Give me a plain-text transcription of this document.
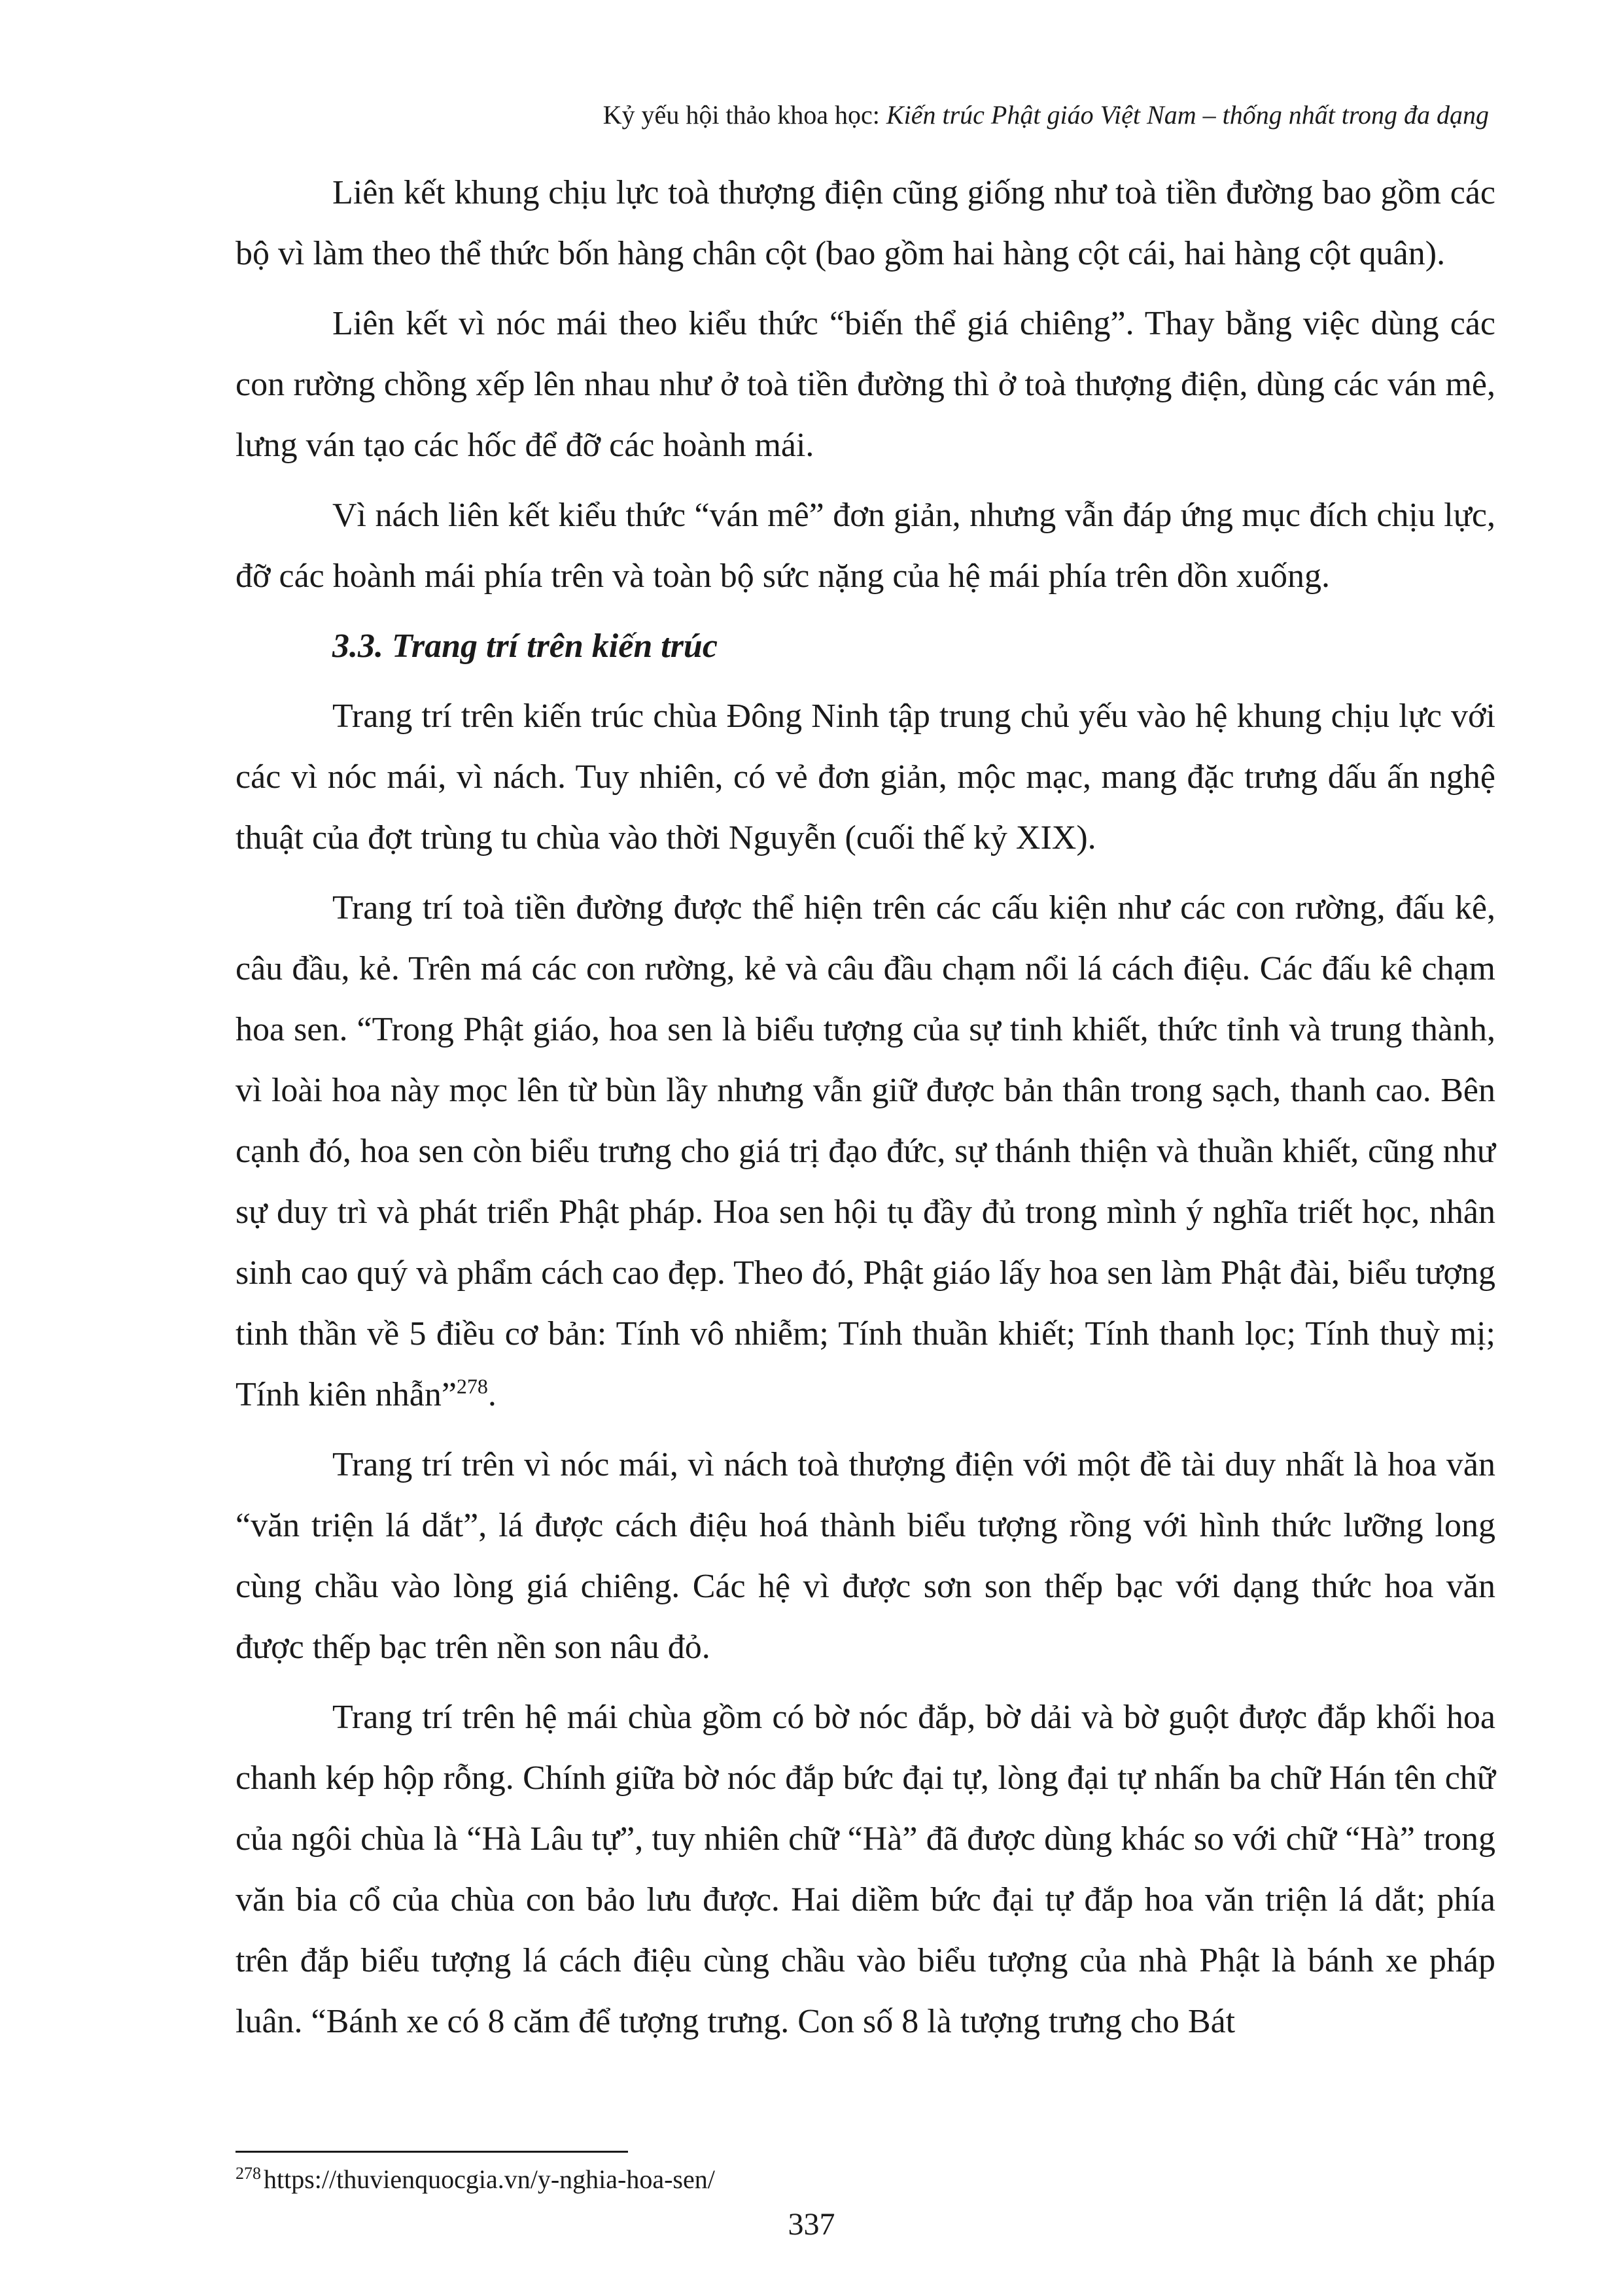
Kỷ yếu hội thảo khoa học: Kiến trúc Phật giáo Việt Nam – thống nhất trong đa dạng

Liên kết khung chịu lực toà thượng điện cũng giống như toà tiền đường bao gồm các bộ vì làm theo thể thức bốn hàng chân cột (bao gồm hai hàng cột cái, hai hàng cột quân).

Liên kết vì nóc mái theo kiểu thức “biến thể giá chiêng”. Thay bằng việc dùng các con rường chồng xếp lên nhau như ở toà tiền đường thì ở toà thượng điện, dùng các ván mê, lưng ván tạo các hốc để đỡ các hoành mái.

Vì nách liên kết kiểu thức “ván mê” đơn giản, nhưng vẫn đáp ứng mục đích chịu lực, đỡ các hoành mái phía trên và toàn bộ sức nặng của hệ mái phía trên dồn xuống.

3.3. Trang trí trên kiến trúc

Trang trí trên kiến trúc chùa Đông Ninh tập trung chủ yếu vào hệ khung chịu lực với các vì nóc mái, vì nách. Tuy nhiên, có vẻ đơn giản, mộc mạc, mang đặc trưng dấu ấn nghệ thuật của đợt trùng tu chùa vào thời Nguyễn (cuối thế kỷ XIX).

Trang trí toà tiền đường được thể hiện trên các cấu kiện như các con rường, đấu kê, câu đầu, kẻ. Trên má các con rường, kẻ và câu đầu chạm nổi lá cách điệu. Các đấu kê chạm hoa sen. “Trong Phật giáo, hoa sen là biểu tượng của sự tinh khiết, thức tỉnh và trung thành, vì loài hoa này mọc lên từ bùn lầy nhưng vẫn giữ được bản thân trong sạch, thanh cao. Bên cạnh đó, hoa sen còn biểu trưng cho giá trị đạo đức, sự thánh thiện và thuần khiết, cũng như sự duy trì và phát triển Phật pháp. Hoa sen hội tụ đầy đủ trong mình ý nghĩa triết học, nhân sinh cao quý và phẩm cách cao đẹp. Theo đó, Phật giáo lấy hoa sen làm Phật đài, biểu tượng tinh thần về 5 điều cơ bản: Tính vô nhiễm; Tính thuần khiết; Tính thanh lọc; Tính thuỳ mị; Tính kiên nhẫn”$^{278}$.

Trang trí trên vì nóc mái, vì nách toà thượng điện với một đề tài duy nhất là hoa văn “văn triện lá dắt”, lá được cách điệu hoá thành biểu tượng rồng với hình thức lưỡng long cùng chầu vào lòng giá chiêng. Các hệ vì được sơn son thếp bạc với dạng thức hoa văn được thếp bạc trên nền son nâu đỏ.

Trang trí trên hệ mái chùa gồm có bờ nóc đắp, bờ dải và bờ guột được đắp khối hoa chanh kép hộp rỗng. Chính giữa bờ nóc đắp bức đại tự, lòng đại tự nhấn ba chữ Hán tên chữ của ngôi chùa là “Hà Lâu tự”, tuy nhiên chữ “Hà” đã được dùng khác so với chữ “Hà” trong văn bia cổ của chùa con bảo lưu được. Hai diềm bức đại tự đắp hoa văn triện lá dắt; phía trên đắp biểu tượng lá cách điệu cùng chầu vào biểu tượng của nhà Phật là bánh xe pháp luân. “Bánh xe có 8 căm để tượng trưng. Con số 8 là tượng trưng cho Bát

$^{278}$ https://thuvienquocgia.vn/y-nghia-hoa-sen/
337
